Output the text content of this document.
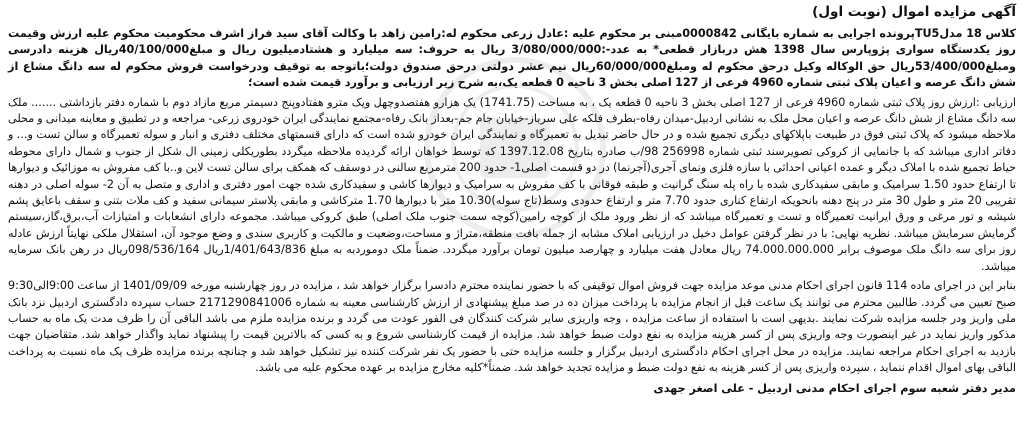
آگهی مزایده اموال (نوبت اول)

کلاس 18 مدلTU5پرونده اجرایی به شماره بایگانی 0000842مبنی بر محکوم علیه :عادل زرعی محکوم له:رامین زاهد با وکالت آقای سید فراز اشرف محکومیت محکوم علیه ارزش وقیمت روز یکدستگاه سواری پژوپارس سال 1398 هش دربازار قطعی* به عدد-:3/080/000/000 ریال به حروف: سه میلیارد و هشتادمیلیون ریال و مبلغ40/100/000ریال هزینه دادرسی ومبلغ53/400/000ریال حق الوکاله وکیل درحق محکوم له ومبلغ60/000/000ریال نیم عشر دولتی درحق صندوق دولت؛باتوجه به توقیف ودرخواست فروش محکوم له سه دانگ مشاع از شش دانگ عرصه و اعیان پلاک ثبتی شماره 4960 فرعی از 127 اصلی بخش 3 ناحیه 0 قطعه یک،به شرح زیر ارزیابی و برآورد قیمت شده است؛

ارزیابی :ارزش روز پلاک ثبتی شماره 4960 فرعی از 127 اصلی بخش 3 ناحیه 0 قطعه یک ، به مساحت (1741.75) یک هزارو هفتصدوچهل ویک مترو هفتادوپنج دسیمتر مربع مازاد دوم با شماره دفتر بازداشتی ....... ملک سه دانگ مشاع از شش دانگ عرصه و اعیان محل ملک به نشانی اردبیل-میدان رفاه-بطرف فلکه علی سرباز-خیابان جام جم-بعداز بانک رفاه-مجتمع نمایندگی ایران خودروی زرعی- مراجعه و در تطبیق و معاینه میدانی و محلی ملاحظه میشود که پلاک ثبتی فوق در طبیعت باپلاکهای دیگری تجمیع شده و در حال حاضر تبدیل به تعمیرگاه و نمایندگی ایران خودرو شده است که دارای قسمتهای مختلف دفتری و انبار و سوله تعمیرگاه و سالن تست و... و دفاتر اداری میباشد که با جانمایی از کروکی تصویرسند ثبتی شماره 256998 98/ب صادره بتاریخ 1397.12.08 که توسط خواهان ارائه گردیده ملاحظه میگردد بطوریکلی زمینی ال شکل از جنوب و شمال دارای محوطه حیاط تجمیع شده با املاک دیگر و عمده اعیانی احداثی با سازه فلزی ونمای آجری(آجرنما) در دو قسمت اصلی1- حدود 200 مترمربع سالنی در دوسقف که همکف برای سالن تست لاین و..با کف مفروش به موزائیک و دیوارها تا ارتفاع حدود 1.50 سرامیک و مابقی سفیدکاری شده با راه پله سنگ گرانیت و طبقه فوقانی با کف مفروش به سرامیک و دیوارها کاشی و سفیدکاری شده جهت امور دفتری و اداری و متصل به آن 2- سوله اصلی در دهنه تقریبی 20 متر و طول 30 متر در پنج دهنه بانحویکه ارتفاع کناری حدود 7.70 متر و ارتفاع حدودی وسط(تاج سوله)10.30 متر با دیوارها 1.70 مترکاشی و مابقی پلاستر سیمانی سفید و کف ملات بتنی و سقف باعایق پشم شیشه و تور مرغی و ورق ایرانیت تعمیرگاه و تست و تعمیرگاه میباشد که از نظر ورود ملک از کوچه رامین(کوچه سمت جنوب ملک اصلی) طبق کروکی میباشد. مجموعه دارای انشعابات و امتیازات آب،برق،گاز،سیستم گرمایش سرمایش میباشد. نظریه نهایی: با در نظر گرفتن عوامل دخیل در ارزیابی املاک مشابه از جمله بافت منطقه،متراژ و مساحت،وضعیت و مالکیت و کاربری سندی و وضع موجود آن، استقلال ملکی نهایتاً ارزش عادله روز برای سه دانگ ملک موصوف برابر 74.000.000.000 ریال معادل هفت میلیارد و چهارصد میلیون تومان برآورد میگردد. ضمناً ملک دوموردبه به مبلغ 1/401/643/836ریال 098/536/164ریال در رهن بانک سرمایه میباشد.

بنابر این در اجرای ماده 114 قانون اجرای احکام مدنی موعد مزایده جهت فروش اموال توقیفی که با حضور نماینده محترم دادسرا برگزار خواهد شد ، مزایده در روز چهارشنبه مورخه 1401/09/09 از ساعت 9:00الی9:30 صبح تعیین می گردد. طالبین محترم می توانند یک ساعت قبل از انجام مزایده با پرداخت میزان ده در صد مبلغ پیشنهادی از ارزش کارشناسی معینه به شماره 2171290841006 حساب سپرده دادگستری اردبیل نزد بانک ملی واریز ودر جلسه مزایده شرکت نمایند .بدیهی است با استفاده از ساعت مزایده ، وجه واریزی سایر شرکت کنندگان فی الفور عودت می گردد و برنده مزایده ملزم می باشد الباقی آن را ظرف مدت یک ماه به حساب مذکور واریز نماید در غیر اینصورت وجه واریزی پس از کسر هزینه مزایده به نفع دولت ضبط خواهد شد. مزایده از قیمت کارشناسی شروع و به کسی که بالاترین قیمت را پیشنهاد نماید واگذار خواهد شد. متقاضیان جهت بازدید به اجرای احکام مراجعه نمایند. مزایده در محل اجرای احکام دادگستری اردبیل برگزار و جلسه مزایده حتی با حضور یک نفر شرکت کننده نیز تشکیل خواهد شد و چنانچه برنده مزایده ظرف یک ماه نسبت به پرداخت الباقی بهای اموال اقدام ننماید ، سپرده واریزی پس از کسر هزینه به نفع دولت ضبط و مزایده تجدید خواهد شد. ضمناً*کلیه مخارج مزایده بر عهده محکوم علیه می باشد.

مدیر دفتر شعبه سوم اجرای احکام مدنی اردبیل - علی اصغر جهدی
